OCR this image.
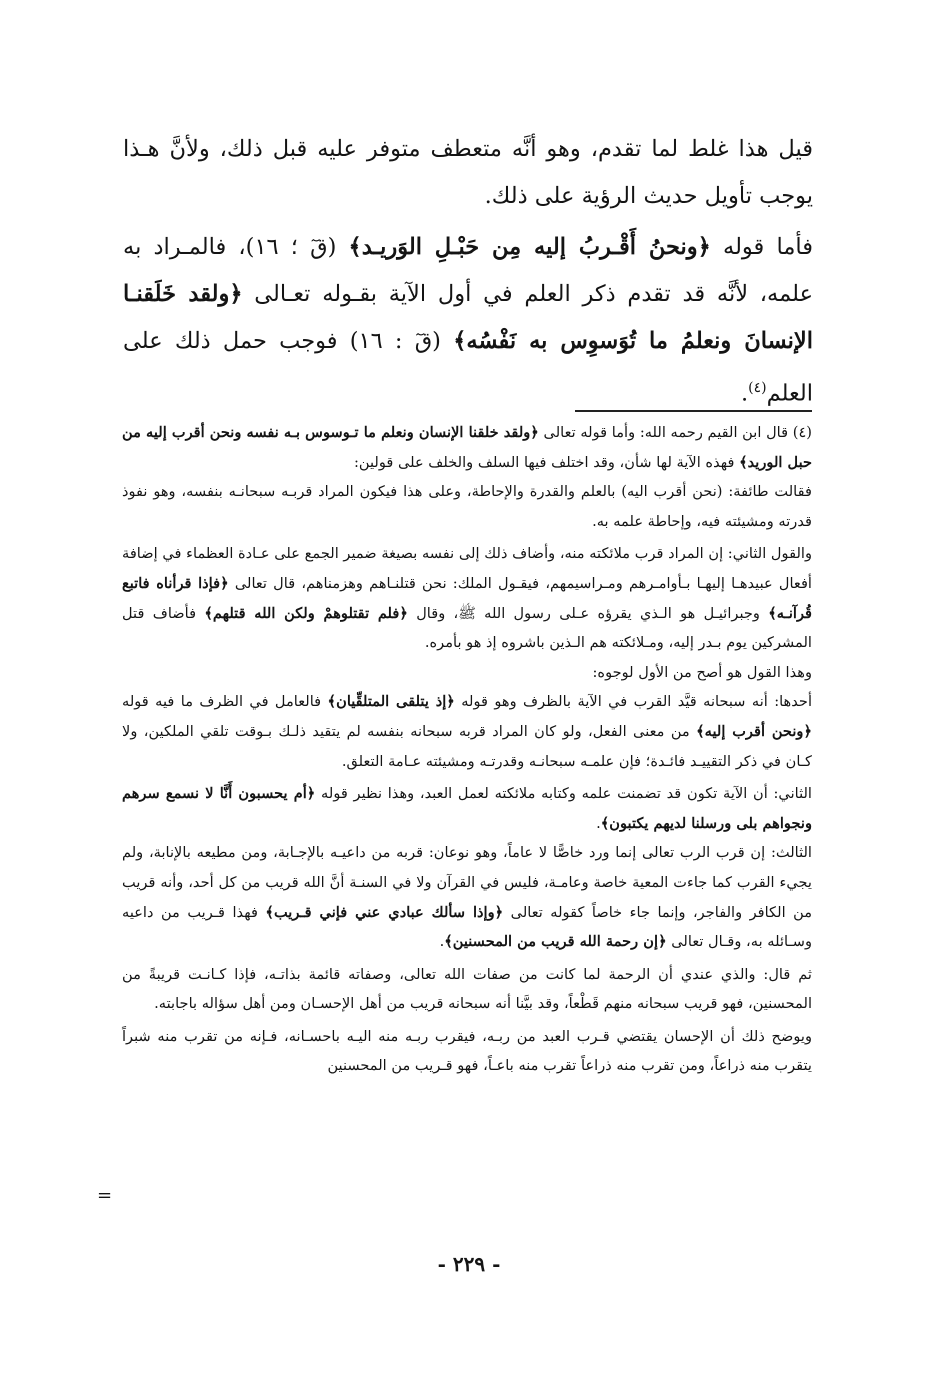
قيل هذا غلط لما تقدم، وهو أنَّه متعطف متوفر عليه قبل ذلك، ولأنَّ هـذا يوجب تأويل حديث الرؤية على ذلك.

فأما قوله ﴿ونحنُ أَقْـربُ إليه مِن حَبْـلِ الوَريـد﴾ (قٓ ؛ ١٦)، فالمـراد به علمه، لأنَّه قد تقدم ذكر العلم في أول الآية بقـوله تعـالى ﴿ولقد خَلَقنـا الإنسانَ ونعلمُ ما تُوَسوِس به نَفْسُه﴾ (قٓ : ١٦) فوجب حمل ذلك على العلم$^{(٤)}$.

(٤) قال ابن القيم رحمه الله: وأما قوله تعالى ﴿ولقد خلقنا الإنسان ونعلم ما تـوسوس بـه نفسه ونحن أقرب إليه من حبل الوريد﴾ فهذه الآية لها شأن، وقد اختلف فيها السلف والخلف على قولين:

فقالت طائفة: (نحن أقرب اليه) بالعلم والقدرة والإحاطة، وعلى هذا فيكون المراد قربـه سبحانـه بنفسه، وهو نفوذ قدرته ومشيئته فيه، وإحاطة علمه به.

والقول الثاني: إن المراد قرب ملائكته منه، وأضاف ذلك إلى نفسه بصيغة ضمير الجمع على عـادة العظماء في إضافة أفعال عبيدهـا إليهـا بـأوامـرهم ومـراسيمهم، فيقـول الملك: نحن قتلنـاهم وهزمناهم، قال تعالى ﴿فإذا قرأناه فاتبع قُرآنـه﴾ وجبرائيـل هو الـذي يقرؤه عـلى رسول الله ﷺ، وقال ﴿فلم تقتلوهمْ ولكن الله قتلهم﴾ فأضاف قتل المشركين يوم بـدر إليه، ومـلائكته هم الـذين باشروه إذ هو بأمره.

وهذا القول هو أصح من الأول لوجوه:

أحدها: أنه سبحانه قيَّد القرب في الآية بالظرف وهو قوله ﴿إذ يتلقى المتلقِّيان﴾ فالعامل في الظرف ما فيه قوله ﴿ونحن أقرب إليه﴾ من معنى الفعل، ولو كان المراد قربه سبحانه بنفسه لم يتقيد ذلـك بـوقت تلقي الملكين، ولا كـان في ذكر التقييـد فائـدة؛ فإن علمـه سبحانـه وقدرتـه ومشيئته عـامة التعلق.

الثاني: أن الآية تكون قد تضمنت علمه وكتابه ملائكته لعمل العبد، وهذا نظير قوله ﴿أم يحسبون أَنَّا لا نسمع سرهم ونجواهم بلى ورسلنا لديهم يكتبون﴾.

الثالث: إن قرب الرب تعالى إنما ورد خاصًّا لا عاماً، وهو نوعان: قربه من داعيـه بالإجـابة، ومن مطيعه بالإنابة، ولم يجيء القرب كما جاءت المعية خاصة وعامـة، فليس في القرآن ولا في السنـة أنَّ الله قريب من كل أحد، وأنه قريب من الكافر والفاجر، وإنما جاء خاصاً كقوله تعالى ﴿وإذا سألك عبادي عني فإني قـريب﴾ فهذا قـريب من داعيه وسـائله به، وقـال تعالى ﴿إن رحمة الله قريب من المحسنين﴾.

ثم قال: والذي عندي أن الرحمة لما كانت من صفات الله تعالى، وصفاته قائمة بذاتـه، فإذا كـانـت قريبةً من المحسنين، فهو قريب سبحانه منهم قَطْعاً، وقد بيَّنا أنه سبحانه قريب من أهل الإحسـان ومن أهل سؤاله باجابته.

ويوضح ذلك أن الإحسان يقتضي قـرب العبد من ربـه، فيقرب ربـه منه اليـه باحسـانه، فـإنه من تقرب منه شبراً يتقرب منه ذراعاً، ومن تقرب منه ذراعاً تقرب منه باعـاً، فهو قـريب من المحسنين

=
- ٢٢٩ -
